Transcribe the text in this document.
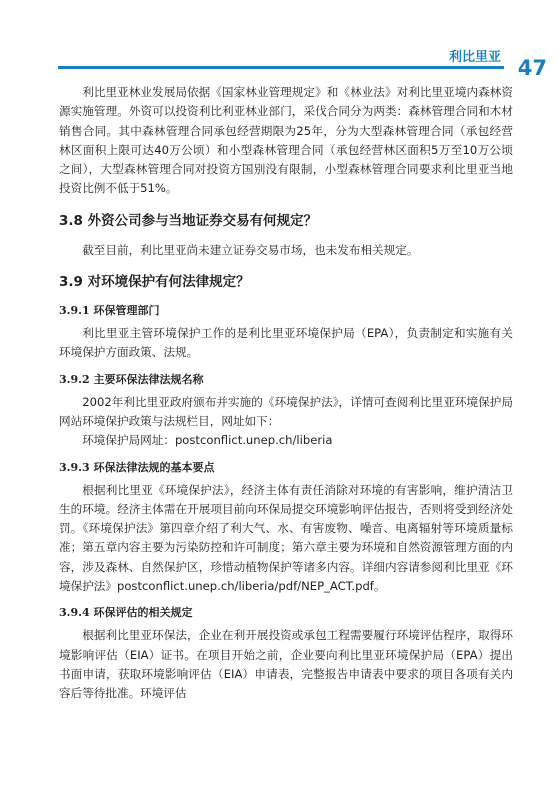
利比里亚 47

利比里亚林业发展局依据《国家林业管理规定》和《林业法》对利比里亚境内森林资源实施管理。外资可以投资利比利亚林业部门，采伐合同分为两类：森林管理合同和木材销售合同。其中森林管理合同承包经营期限为25年，分为大型森林管理合同（承包经营林区面积上限可达40万公顷）和小型森林管理合同（承包经营林区面积5万至10万公顷之间），大型森林管理合同对投资方国别没有限制，小型森林管理合同要求利比里亚当地投资比例不低于51%。

3.8 外资公司参与当地证券交易有何规定？

截至目前，利比里亚尚未建立证券交易市场，也未发布相关规定。

3.9 对环境保护有何法律规定？
3.9.1 环保管理部门

利比里亚主管环境保护工作的是利比里亚环境保护局（EPA），负责制定和实施有关环境保护方面政策、法规。

3.9.2 主要环保法律法规名称

2002年利比里亚政府颁布并实施的《环境保护法》，详情可查阅利比里亚环境保护局网站环境保护政策与法规栏目，网址如下：

环境保护局网址：postconflict.unep.ch/liberia

3.9.3 环保法律法规的基本要点

根据利比里亚《环境保护法》，经济主体有责任消除对环境的有害影响，维护清洁卫生的环境。经济主体需在开展项目前向环保局提交环境影响评估报告，否则将受到经济处罚。《环境保护法》第四章介绍了利大气、水、有害废物、噪音、电离辐射等环境质量标准；第五章内容主要为污染防控和许可制度；第六章主要为环境和自然资源管理方面的内容，涉及森林、自然保护区，珍惜动植物保护等诸多内容。详细内容请参阅利比里亚《环境保护法》postconflict.unep.ch/liberia/pdf/NEP_ACT.pdf。

3.9.4 环保评估的相关规定

根据利比里亚环保法，企业在利开展投资或承包工程需要履行环境评估程序，取得环境影响评估（EIA）证书。在项目开始之前，企业要向利比里亚环境保护局（EPA）提出书面申请，获取环境影响评估（EIA）申请表，完整报告申请表中要求的项目各项有关内容后等待批准。环境评估
